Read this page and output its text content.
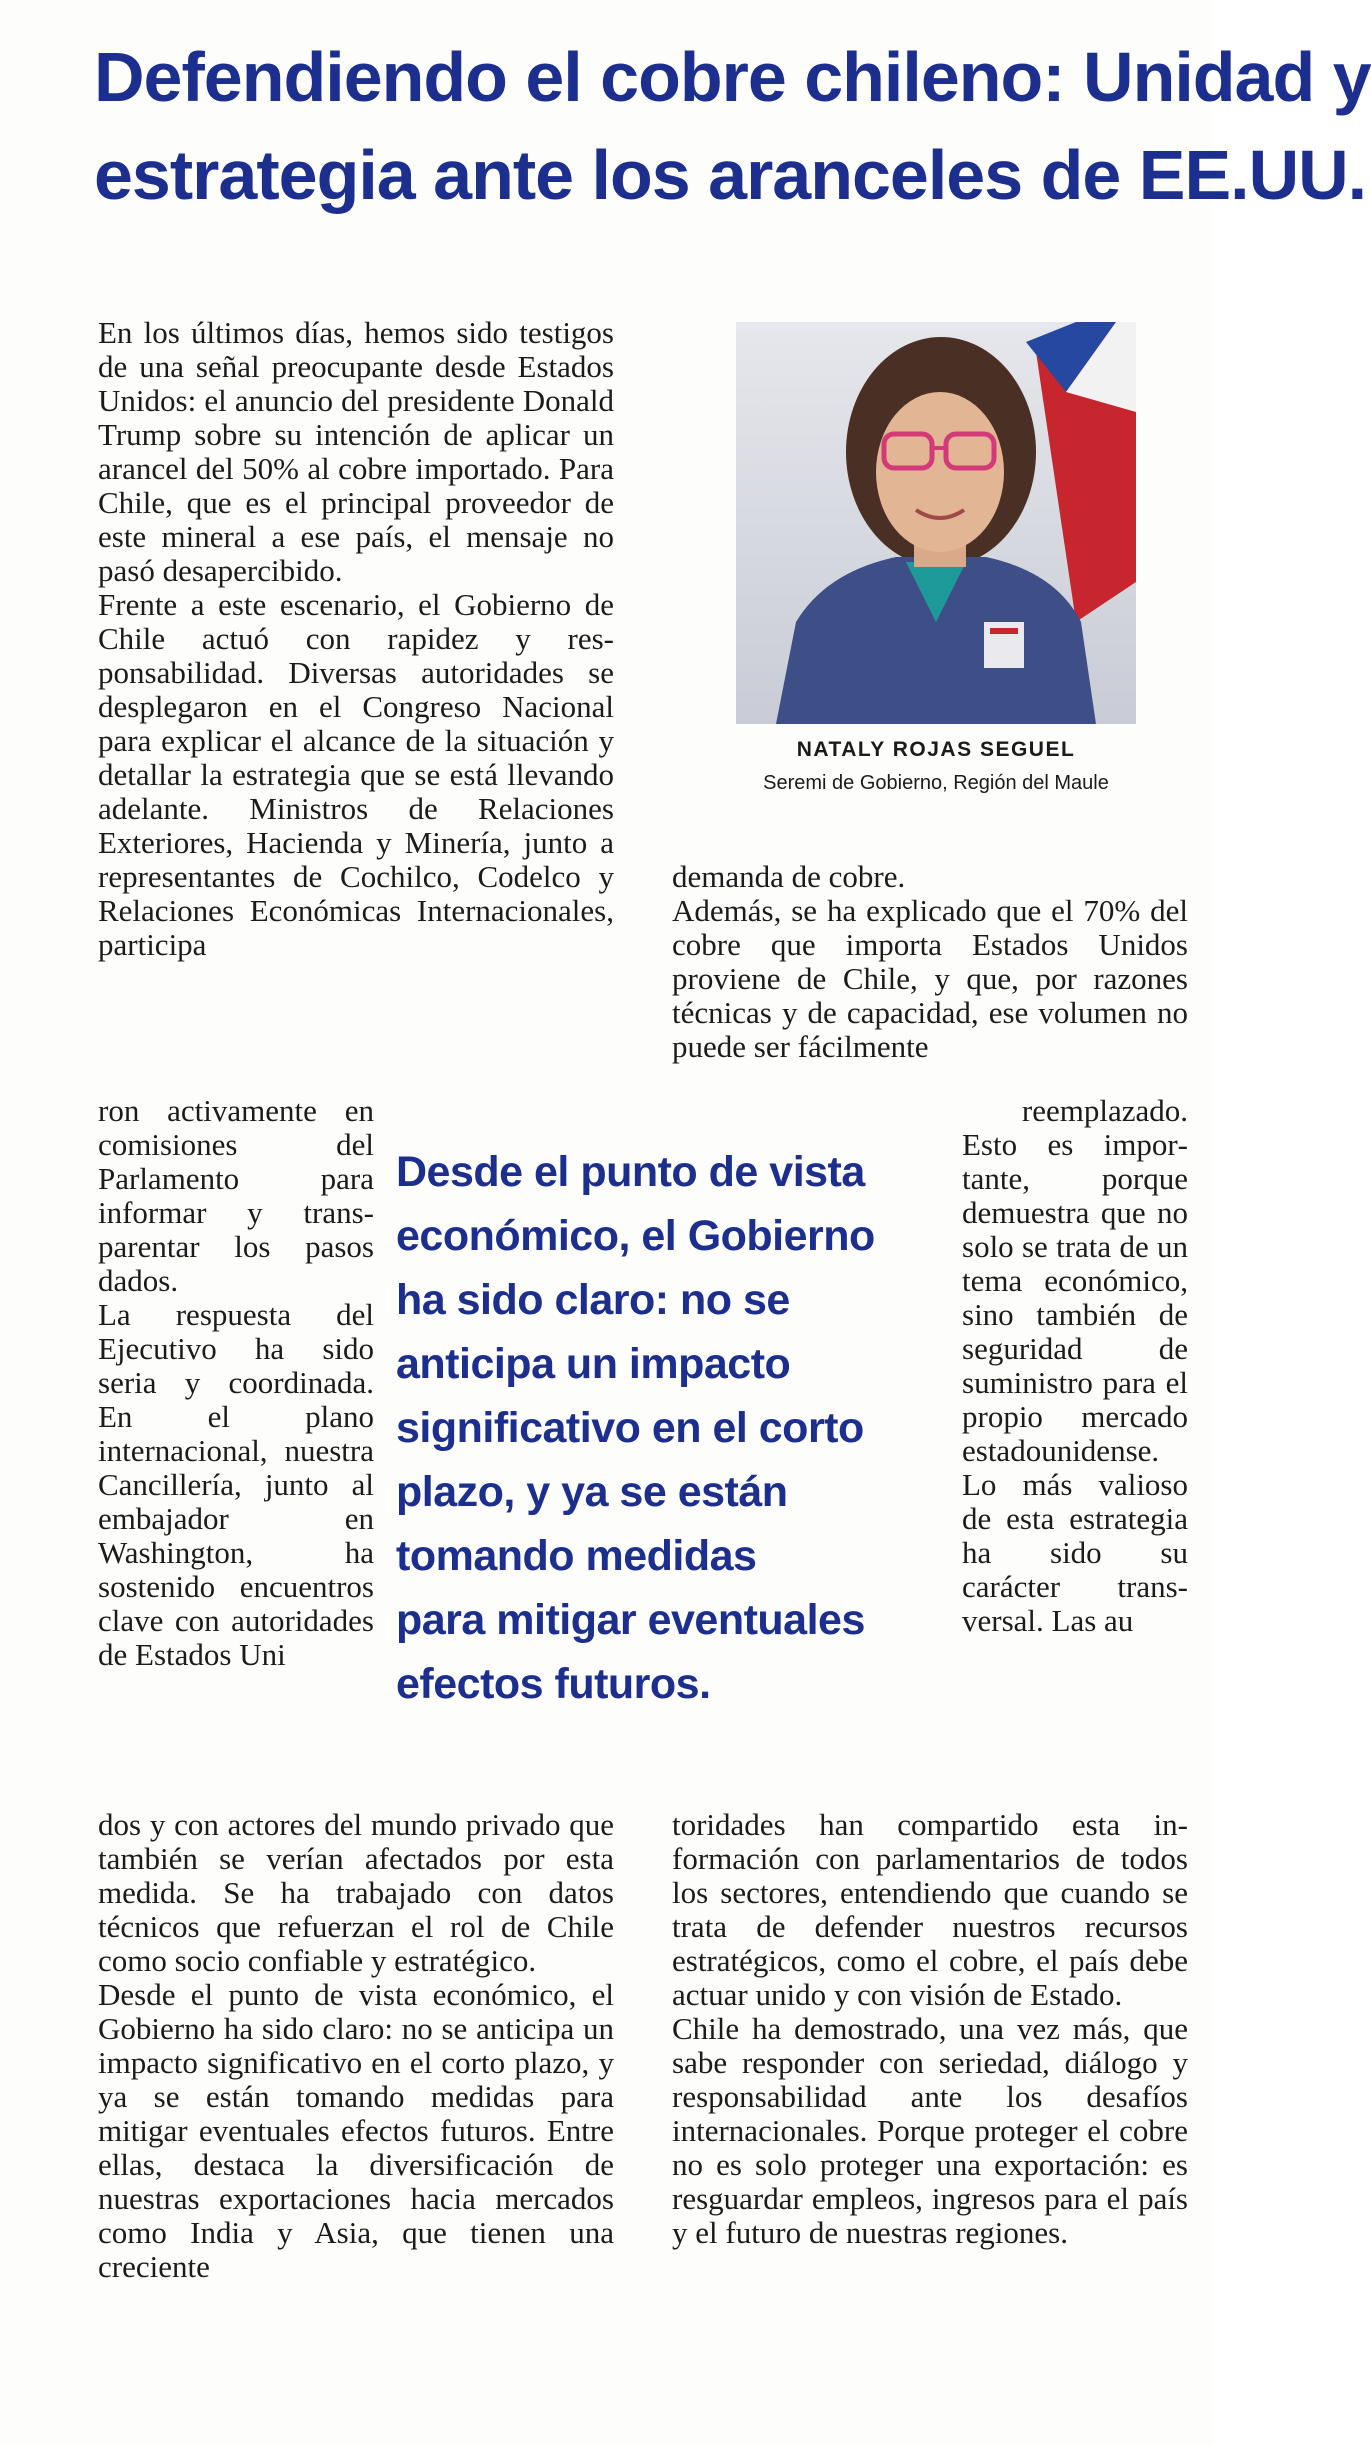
Defendiendo el cobre chileno: Unidad y
estrategia ante los aranceles de EE.UU.

En los últimos días, hemos sido testigos de una señal preocupante desde Estados Unidos: el anuncio del presidente Donald Trump sobre su intención de aplicar un arancel del 50% al cobre importado. Para Chile, que es el principal proveedor de este mineral a ese país, el mensaje no pasó desapercibido.

Frente a este escenario, el Gobierno de Chile actuó con rapidez y responsabilidad. Diversas autoridades se desplegaron en el Congreso Nacional para explicar el alcance de la situación y detallar la estrategia que se está llevando adelante. Ministros de Relaciones Exteriores, Hacienda y Minería, junto a representantes de Cochilco, Codelco y Relaciones Económicas Internacionales, participa

ron activamente en comisiones del Parlamento para informar y transparentar los pasos dados.

La respuesta del Ejecutivo ha sido seria y coordinada. En el plano internacional, nuestra Cancillería, junto al embajador en Washington, ha sostenido encuentros clave con autoridades de Estados Uni

dos y con actores del mundo privado que también se verían afectados por esta medida. Se ha trabajado con datos técnicos que refuerzan el rol de Chile como socio confiable y estratégico.

Desde el punto de vista económico, el Gobierno ha sido claro: no se anticipa un impacto significativo en el corto plazo, y ya se están tomando medidas para mitigar eventuales efectos futuros. Entre ellas, destaca la diversificación de nuestras exportaciones hacia mercados como India y Asia, que tienen una creciente

NATALY ROJAS SEGUEL

Seremi de Gobierno, Región del Maule

demanda de cobre.

Además, se ha explicado que el 70% del cobre que importa Estados Unidos proviene de Chile, y que, por razones técnicas y de capacidad, ese volumen no puede ser fácilmente

reemplazado.

Esto es importante, porque demuestra que no solo se trata de un tema económico, sino también de seguridad de suministro para el propio mercado estadounidense.

Lo más valioso de esta estrategia ha sido su carácter transversal. Las au

toridades han compartido esta información con parlamentarios de todos los sectores, entendiendo que cuando se trata de defender nuestros recursos estratégicos, como el cobre, el país debe actuar unido y con visión de Estado.

Chile ha demostrado, una vez más, que sabe responder con seriedad, diálogo y responsabilidad ante los desafíos internacionales. Porque proteger el cobre no es solo proteger una exportación: es resguardar empleos, ingresos para el país y el futuro de nuestras regiones.

Desde el punto de vista
económico, el Gobierno
ha sido claro: no se
anticipa un impacto
significativo en el corto
plazo, y ya se están
tomando medidas
para mitigar eventuales
efectos futuros.
